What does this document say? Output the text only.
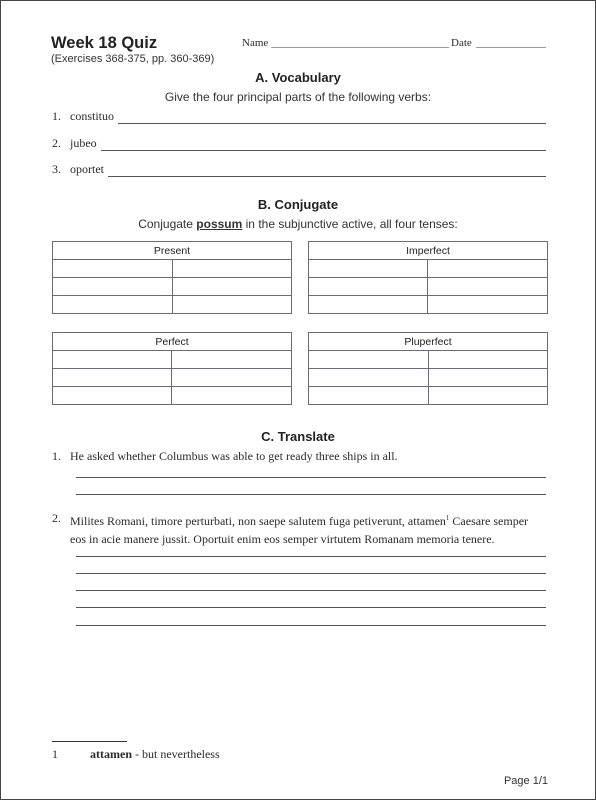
Week 18 Quiz
(Exercises 368-375, pp. 360-369)
Name	Date
A. Vocabulary
Give the four principal parts of the following verbs:
1. constituo
2. jubeo
3. oportet
B. Conjugate
Conjugate possum in the subjunctive active, all four tenses:
Present	

		Imperfect	

Perfect	

		Pluperfect	

C. Translate
1. He asked whether Columbus was able to get ready three ships in all.
2. Milites Romani, timore perturbati, non saepe salutem fuga petiverunt, attamen$^1$ Caesare semper eos in acie manere jussit. Oportuit enim eos semper virtutem Romanam memoria tenere.
1	attamen - but nevertheless
Page 1/1
